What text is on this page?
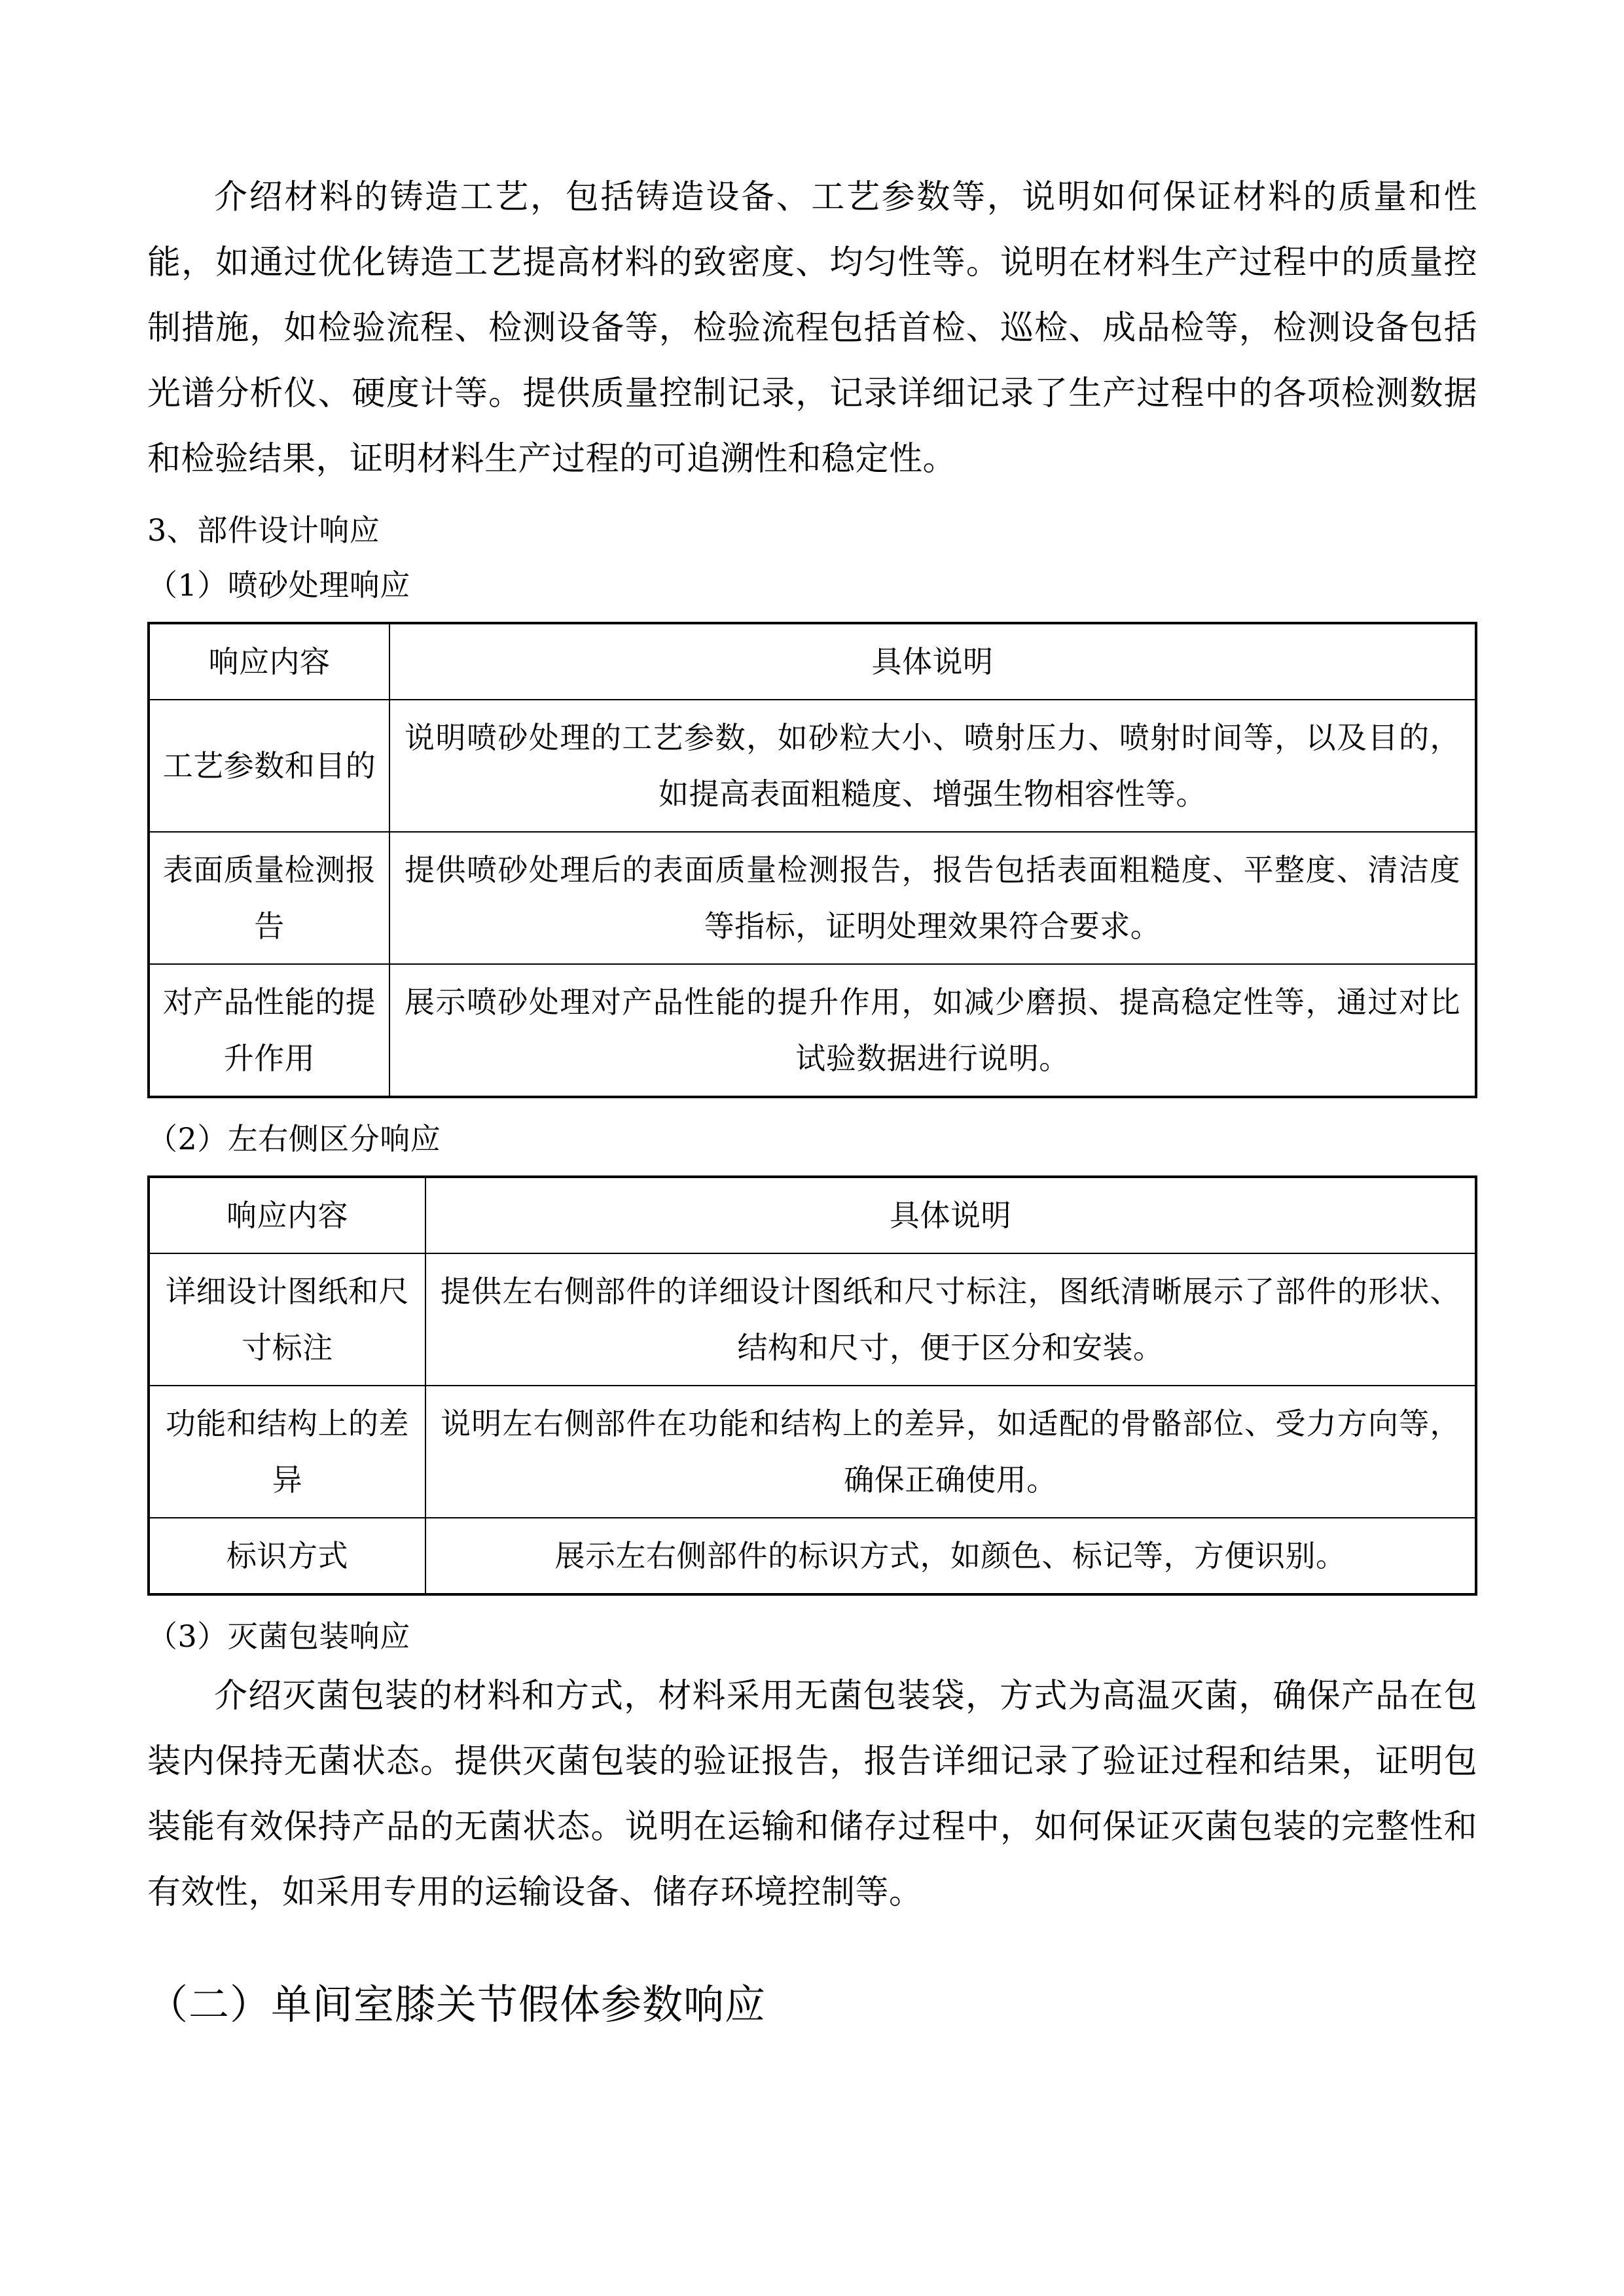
介绍材料的铸造工艺，包括铸造设备、工艺参数等，说明如何保证材料的质量和性能，如通过优化铸造工艺提高材料的致密度、均匀性等。说明在材料生产过程中的质量控制措施，如检验流程、检测设备等，检验流程包括首检、巡检、成品检等，检测设备包括光谱分析仪、硬度计等。提供质量控制记录，记录详细记录了生产过程中的各项检测数据和检验结果，证明材料生产过程的可追溯性和稳定性。

3、部件设计响应

（1）喷砂处理响应

响应内容	具体说明
工艺参数和目的	说明喷砂处理的工艺参数，如砂粒大小、喷射压力、喷射时间等，以及目的，如提高表面粗糙度、增强生物相容性等。
表面质量检测报告	提供喷砂处理后的表面质量检测报告，报告包括表面粗糙度、平整度、清洁度等指标，证明处理效果符合要求。
对产品性能的提升作用	展示喷砂处理对产品性能的提升作用，如减少磨损、提高稳定性等，通过对比试验数据进行说明。

（2）左右侧区分响应

响应内容	具体说明
详细设计图纸和尺寸标注	提供左右侧部件的详细设计图纸和尺寸标注，图纸清晰展示了部件的形状、结构和尺寸，便于区分和安装。
功能和结构上的差异	说明左右侧部件在功能和结构上的差异，如适配的骨骼部位、受力方向等，确保正确使用。
标识方式	展示左右侧部件的标识方式，如颜色、标记等，方便识别。

（3）灭菌包装响应

介绍灭菌包装的材料和方式，材料采用无菌包装袋，方式为高温灭菌，确保产品在包装内保持无菌状态。提供灭菌包装的验证报告，报告详细记录了验证过程和结果，证明包装能有效保持产品的无菌状态。说明在运输和储存过程中，如何保证灭菌包装的完整性和有效性，如采用专用的运输设备、储存环境控制等。

（二）单间室膝关节假体参数响应
